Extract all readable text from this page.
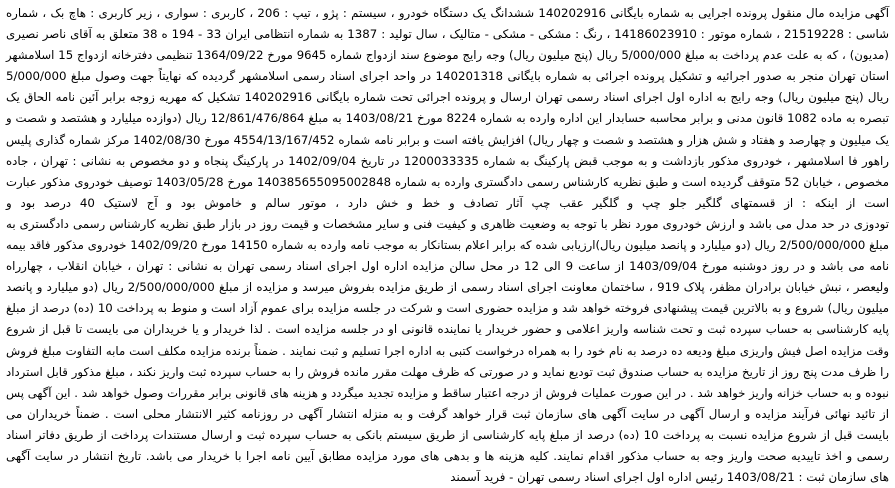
آگهی مزایده مال منقول پرونده اجرایی به شماره بایگانی 140202916 ششدانگ یک دستگاه خودرو ، سیستم : پژو ، تیپ : 206 ، کاربری : سواری ، زیر کاربری : هاچ بک ، شماره
شاسی : 21519228 ، شماره موتور : 14186023910 ، رنگ : مشکی - مشکی - متالیک ، سال تولید : 1387 به شماره انتظامی ایران 33 - 194 ه 38 متعلق به آقای ناصر نصیری
(مدیون) ، که به علت عدم پرداخت به مبلغ 5/000/000 ریال (پنج میلیون ریال) وجه رایج موضوع سند ازدواج شماره 9645 مورخ 1364/09/22 تنظیمی دفترخانه ازدواج 15 اسلامشهر
استان تهران منجر به صدور اجرائیه و تشکیل پرونده اجرائی به شماره بایگانی 140201318 در واحد اجرای اسناد رسمی اسلامشهر گردیده که نهایتاً جهت وصول مبلغ 5/000/000
ریال (پنج میلیون ریال) وجه رایج به اداره اول اجرای اسناد رسمی تهران ارسال و پرونده اجرائی تحت شماره بایگانی 140202916 تشکیل که مهریه زوجه برابر آئین نامه الحاق یک
تبصره به ماده 1082 قانون مدنی و برابر محاسبه حسابدار این اداره وارده به شماره 8224 مورخ 1403/08/21 به مبلغ 12/861/476/864 ریال (دوازده میلیارد و هشتصد و شصت و
یک میلیون و چهارصد و هفتاد و شش هزار و هشتصد و شصت و چهار ریال) افزایش یافته است و برابر نامه شماره 4554/13/167/452 مورخ 1402/08/30 مرکز شماره گذاری پلیس
راهور فا اسلامشهر ، خودروی مذکور بازداشت و به موجب قبض پارکینگ به شماره 1200033335 در تاریخ 1402/09/04 در پارکینگ پنجاه و دو مخصوص به نشانی : تهران ، جاده
مخصوص ، خیابان 52 متوقف گردیده است و طبق نظریه کارشناس رسمی دادگستری وارده به شماره 140385655095002848 مورخ 1403/05/28 توصیف خودروی مذکور عبارت
است از اینکه : از قسمتهای گلگیر جلو چپ و گلگیر عقب چپ آثار تصادف و خط و خش دارد ، موتور سالم و خاموش بود و آج لاستیک 40 درصد بود و
تودوزی در حد مدل می باشد و ارزش خودروی مورد نظر با توجه به وضعیت ظاهری و کیفیت فنی و سایر مشخصات و قیمت روز در بازار طبق نظریه کارشناس رسمی دادگستری به
مبلغ 2/500/000/000 ریال (دو میلیارد و پانصد میلیون ریال)ارزیابی شده که برابر اعلام بستانکار به موجب نامه وارده به شماره 14150 مورخ 1402/09/20 خودروی مذکور فاقد بیمه
نامه می باشد و در روز دوشنبه مورخ 1403/09/04 از ساعت 9 الی 12 در محل سالن مزایده اداره اول اجرای اسناد رسمی تهران به نشانی : تهران ، خیابان انقلاب ، چهارراه
ولیعصر ، نبش خیابان برادران مظفر، پلاک 919 ، ساختمان معاونت اجرای اسناد رسمی از طریق مزایده بفروش میرسد و مزایده از مبلغ 2/500/000/000 ریال (دو میلیارد و پانصد
میلیون ریال) شروع و به بالاترین قیمت پیشنهادی فروخته خواهد شد و مزایده حضوری است و شرکت در جلسه مزایده برای عموم آزاد است و منوط به پرداخت 10 (ده) درصد از مبلغ
پایه کارشناسی به حساب سپرده ثبت و تحت شناسه واریز اعلامی و حضور خریدار یا نماینده قانونی او در جلسه مزایده است . لذا خریدار و یا خریداران می بایست تا قبل از شروع
وقت مزایده اصل فیش واریزی مبلغ ودیعه ده درصد به نام خود را به همراه درخواست کتبی به اداره اجرا تسلیم و ثبت نمایند . ضمناً برنده مزایده مکلف است مابه التفاوت مبلغ فروش
را ظرف مدت پنج روز از تاریخ مزایده به حساب صندوق ثبت تودیع نماید و در صورتی که ظرف مهلت مقرر مانده فروش را به حساب سپرده ثبت واریز نکند ، مبلغ مذکور قابل استرداد
نبوده و به حساب خزانه واریز خواهد شد . در این صورت عملیات فروش از درجه اعتبار ساقط و مزایده تجدید میگردد و هزینه های قانونی برابر مقررات وصول خواهد شد . این آگهی پس
از تائید نهائی فرآیند مزایده و ارسال آگهی در سایت آگهی های سازمان ثبت قرار خواهد گرفت و به منزله انتشار آگهی در روزنامه کثیر الانتشار محلی است . ضمناً خریداران می
بایست قبل از شروع مزایده نسبت به پرداخت 10 (ده) درصد از مبلغ پایه کارشناسی از طریق سیستم بانکی به حساب سپرده ثبت و ارسال مستندات پرداخت از طریق دفاتر اسناد
رسمی و اخذ تاییدیه صحت واریز وجه به حساب مذکور اقدام نمایند. کلیه هزینه ها و بدهی های مورد مزایده مطابق آیین نامه اجرا با خریدار می باشد. تاریخ انتشار در سایت آگهی
های سازمان ثبت : 1403/08/21 رئیس اداره اول اجرای اسناد رسمی تهران - فرید آسمند
